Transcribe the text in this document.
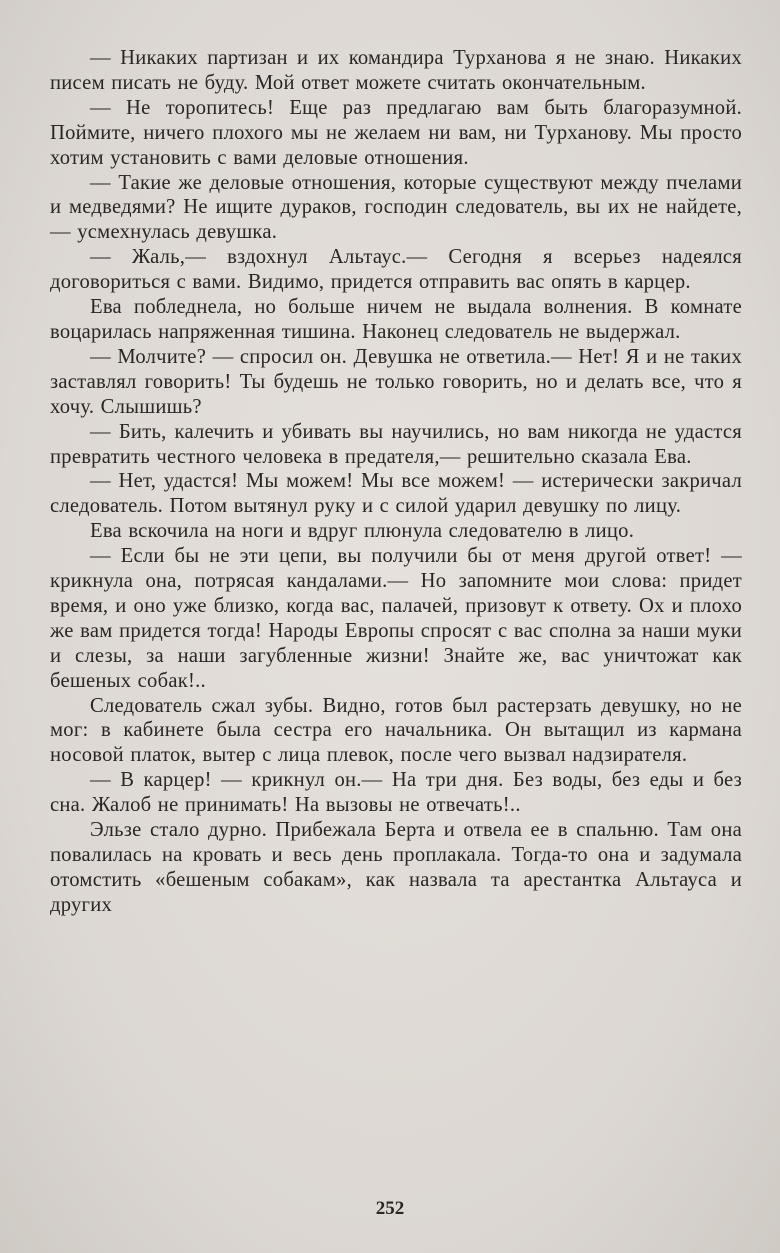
— Никаких партизан и их командира Турханова я не знаю. Никаких писем писать не буду. Мой ответ можете считать окончательным.

— Не торопитесь! Еще раз предлагаю вам быть благоразумной. Поймите, ничего плохого мы не желаем ни вам, ни Турханову. Мы просто хотим установить с вами деловые отношения.

— Такие же деловые отношения, которые существуют между пчелами и медведями? Не ищите дураков, господин следователь, вы их не найдете,— усмехнулась девушка.

— Жаль,— вздохнул Альтаус.— Сегодня я всерьез надеялся договориться с вами. Видимо, придется отправить вас опять в карцер.

Ева побледнела, но больше ничем не выдала волнения. В комнате воцарилась напряженная тишина. Наконец следователь не выдержал.

— Молчите? — спросил он. Девушка не ответила.— Нет! Я и не таких заставлял говорить! Ты будешь не только говорить, но и делать все, что я хочу. Слышишь?

— Бить, калечить и убивать вы научились, но вам никогда не удастся превратить честного человека в предателя,— решительно сказала Ева.

— Нет, удастся! Мы можем! Мы все можем! — истерически закричал следователь. Потом вытянул руку и с силой ударил девушку по лицу.

Ева вскочила на ноги и вдруг плюнула следователю в лицо.

— Если бы не эти цепи, вы получили бы от меня другой ответ! — крикнула она, потрясая кандалами.— Но запомните мои слова: придет время, и оно уже близко, когда вас, палачей, призовут к ответу. Ох и плохо же вам придется тогда! Народы Европы спросят с вас сполна за наши муки и слезы, за наши загубленные жизни! Знайте же, вас уничтожат как бешеных собак!..

Следователь сжал зубы. Видно, готов был растерзать девушку, но не мог: в кабинете была сестра его начальника. Он вытащил из кармана носовой платок, вытер с лица плевок, после чего вызвал надзирателя.

— В карцер! — крикнул он.— На три дня. Без воды, без еды и без сна. Жалоб не принимать! На вызовы не отвечать!..

Эльзе стало дурно. Прибежала Берта и отвела ее в спальню. Там она повалилась на кровать и весь день проплакала. Тогда-то она и задумала отомстить «бешеным собакам», как назвала та арестантка Альтауса и других

252
